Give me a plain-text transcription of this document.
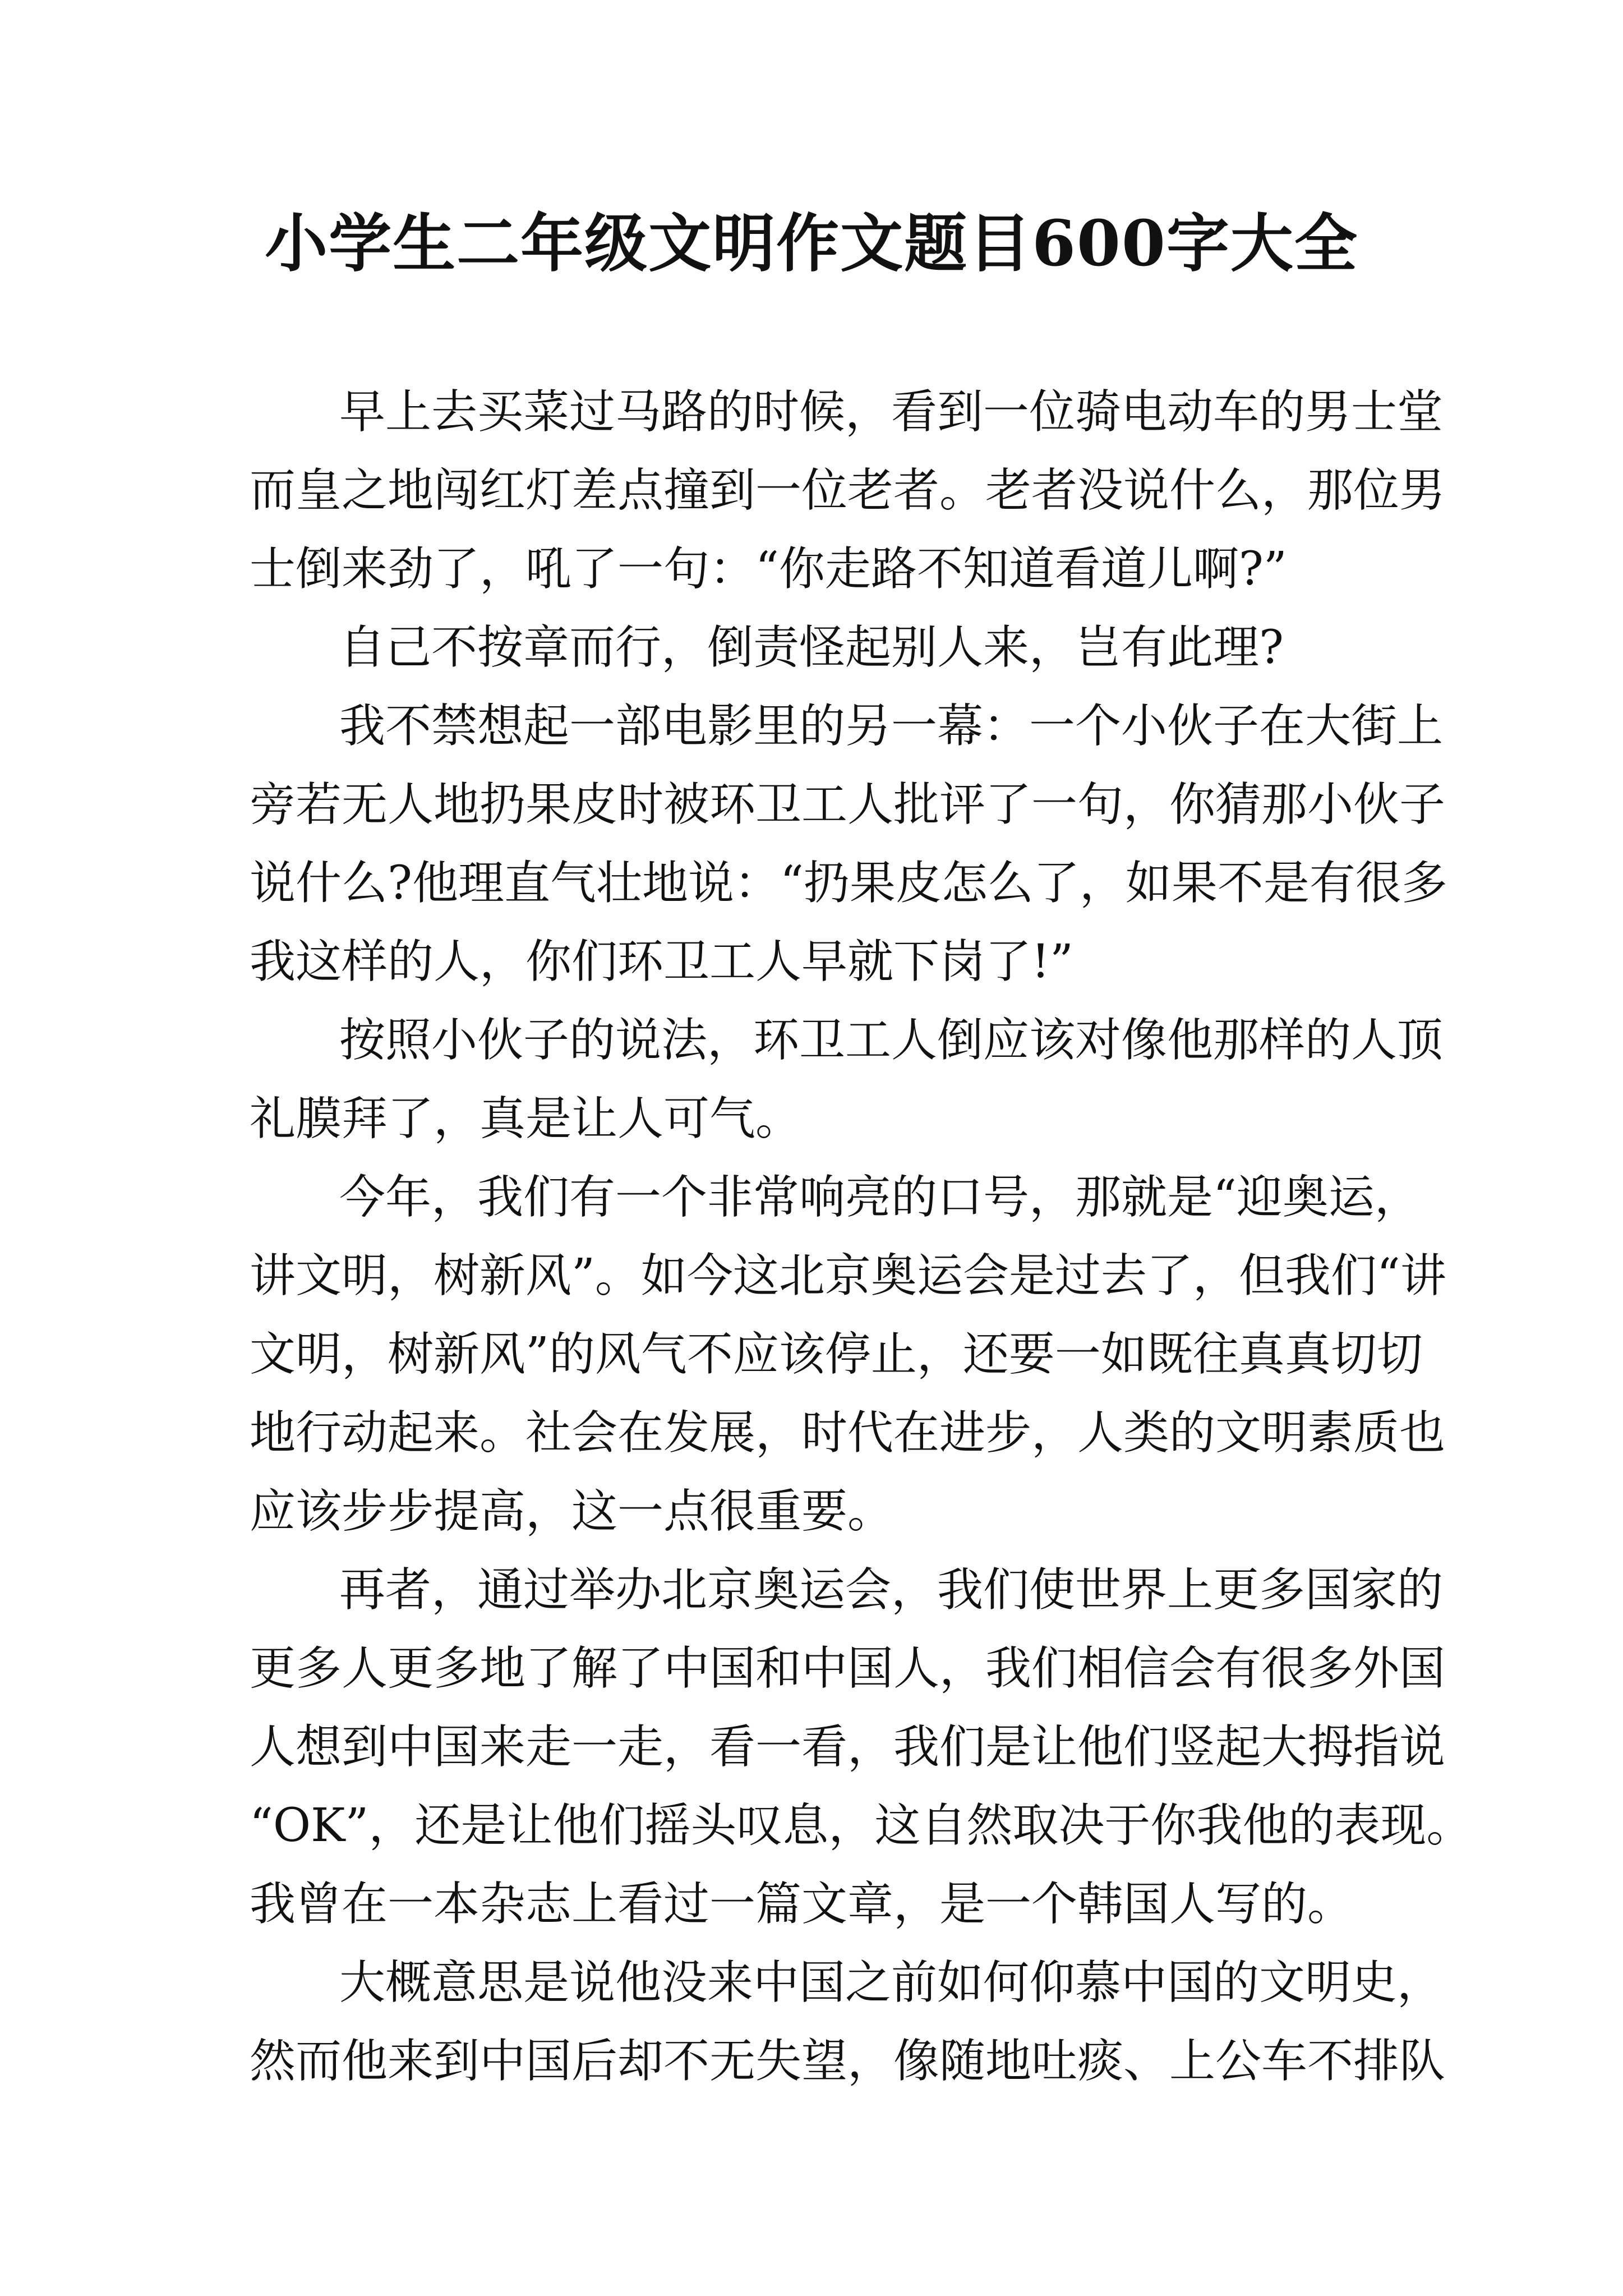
小学生二年级文明作文题目600字大全
早上去买菜过马路的时候，看到一位骑电动车的男士堂
而皇之地闯红灯差点撞到一位老者。老者没说什么，那位男
士倒来劲了，吼了一句：“你走路不知道看道儿啊?”
自己不按章而行，倒责怪起别人来，岂有此理?
我不禁想起一部电影里的另一幕：一个小伙子在大街上
旁若无人地扔果皮时被环卫工人批评了一句，你猜那小伙子
说什么?他理直气壮地说：“扔果皮怎么了，如果不是有很多
我这样的人，你们环卫工人早就下岗了!”
按照小伙子的说法，环卫工人倒应该对像他那样的人顶
礼膜拜了，真是让人可气。
今年，我们有一个非常响亮的口号，那就是“迎奥运，
讲文明，树新风”。如今这北京奥运会是过去了，但我们“讲
文明，树新风”的风气不应该停止，还要一如既往真真切切
地行动起来。社会在发展，时代在进步，人类的文明素质也
应该步步提高，这一点很重要。
再者，通过举办北京奥运会，我们使世界上更多国家的
更多人更多地了解了中国和中国人，我们相信会有很多外国
人想到中国来走一走，看一看，我们是让他们竖起大拇指说
“OK”，还是让他们摇头叹息，这自然取决于你我他的表现。
我曾在一本杂志上看过一篇文章，是一个韩国人写的。
大概意思是说他没来中国之前如何仰慕中国的文明史，
然而他来到中国后却不无失望，像随地吐痰、上公车不排队
